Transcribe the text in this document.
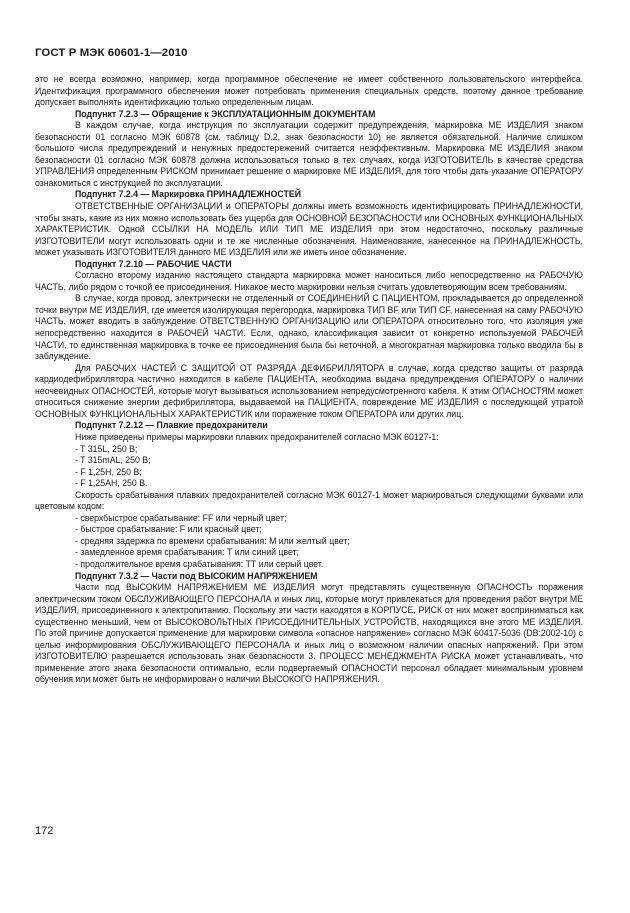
ГОСТ Р МЭК 60601-1—2010

это не всегда возможно, например, когда программное обеспечение не имеет собственного пользовательского интерфейса. Идентификация программного обеспечения может потребовать применения специальных средств, поэтому данное требование допускает выполнять идентификацию только определенным лицам.

Подпункт 7.2.3 — Обращение к ЭКСПЛУАТАЦИОННЫМ ДОКУМЕНТАМ

В каждом случае, когда инструкция по эксплуатации содержит предупреждения, маркировка МЕ ИЗДЕЛИЯ знаком безопасности 01 согласно МЭК 60878 (см. таблицу D.2, знак безопасности 10) не является обязательной. Наличие слишком большого числа предупреждений и ненужных предостережений считается неэффективным. Маркировка МЕ ИЗДЕЛИЯ знаком безопасности 01 согласно МЭК 60878 должна использоваться только в тех случаях, когда ИЗГОТОВИТЕЛЬ в качестве средства УПРАВЛЕНИЯ определенным РИСКОМ принимает решение о маркировке МЕ ИЗДЕЛИЯ, для того чтобы дать указание ОПЕРАТОРУ ознакомиться с инструкцией по эксплуатации.

Подпункт 7.2.4 — Маркировка ПРИНАДЛЕЖНОСТЕЙ

ОТВЕТСТВЕННЫЕ ОРГАНИЗАЦИИ и ОПЕРАТОРЫ должны иметь возможность идентифицировать ПРИНАДЛЕЖНОСТИ, чтобы знать, какие из них можно использовать без ущерба для ОСНОВНОЙ БЕЗОПАСНОСТИ или ОСНОВНЫХ ФУНКЦИОНАЛЬНЫХ ХАРАКТЕРИСТИК. Одной ССЫЛКИ НА МОДЕЛЬ ИЛИ ТИП МЕ ИЗДЕЛИЯ при этом недостаточно, поскольку различные ИЗГОТОВИТЕЛИ могут использовать одни и те же численные обозначения. Наименование, нанесенное на ПРИНАДЛЕЖНОСТЬ, может указывать ИЗГОТОВИТЕЛЯ данного МЕ ИЗДЕЛИЯ или же иметь иное обозначение.

Подпункт 7.2.10 — РАБОЧИЕ ЧАСТИ

Согласно второму изданию настоящего стандарта маркировка может наноситься либо непосредственно на РАБОЧУЮ ЧАСТЬ, либо рядом с точкой ее присоединения. Никакое место маркировки нельзя считать удовлетворяющим всем требованиям.

В случае, когда провод, электрически не отделенный от СОЕДИНЕНИЙ С ПАЦИЕНТОМ, прокладывается до определенной точки внутри МЕ ИЗДЕЛИЯ, где имеется изолирующая перегородка, маркировка ТИП BF или ТИП CF, нанесенная на саму РАБОЧУЮ ЧАСТЬ, может вводить в заблуждение ОТВЕТСТВЕННУЮ ОРГАНИЗАЦИЮ или ОПЕРАТОРА относительно того, что изоляция уже непосредственно находится в РАБОЧЕЙ ЧАСТИ. Если, однако, классификация зависит от конкретно используемой РАБОЧЕЙ ЧАСТИ, то единственная маркировка в точке ее присоединения была бы неточной, а многократная маркировка только вводила бы в заблуждение.

Для РАБОЧИХ ЧАСТЕЙ С ЗАЩИТОЙ ОТ РАЗРЯДА ДЕФИБРИЛЛЯТОРА в случае, когда средство защиты от разряда кардиодефибриллятора частично находится в кабеле ПАЦИЕНТА, необходима выдача предупреждения ОПЕРАТОРУ о наличии неочевидных ОПАСНОСТЕЙ, которые могут вызываться использованием непредусмотренного кабеля. К этим ОПАСНОСТЯМ может относиться снижение энергии дефибриллятора, выдаваемой на ПАЦИЕНТА, повреждение МЕ ИЗДЕЛИЯ с последующей утратой ОСНОВНЫХ ФУНКЦИОНАЛЬНЫХ ХАРАКТЕРИСТИК или поражение током ОПЕРАТОРА или других лиц.

Подпункт 7.2.12 — Плавкие предохранители

Ниже приведены примеры маркировки плавких предохранителей согласно МЭК 60127-1:

- T 315L, 250 В;

- T 315mAL, 250 В;

- F 1,25H, 250 В;

- F 1,25АН, 250 В.

Скорость срабатывания плавких предохранителей согласно МЭК 60127-1 может маркироваться следующими буквами или цветовым кодом:

- сверхбыстрое срабатывание: FF или черный цвет;

- быстрое срабатывание: F или красный цвет;

- средняя задержка по времени срабатывания: М или желтый цвет;

- замедленное время срабатывания: Т или синий цвет;

- продолжительное время срабатывания: ТТ или серый цвет.

Подпункт 7.3.2 — Части под ВЫСОКИМ НАПРЯЖЕНИЕМ

Части под ВЫСОКИМ НАПРЯЖЕНИЕМ МЕ ИЗДЕЛИЯ могут представлять существенную ОПАСНОСТЬ поражения электрическим током ОБСЛУЖИВАЮЩЕГО ПЕРСОНАЛА и иных лиц, которые могут привлекаться для проведения работ внутри МЕ ИЗДЕЛИЯ, присоединенного к электропитанию. Поскольку эти части находятся в КОРПУСЕ, РИСК от них может восприниматься как существенно меньший, чем от ВЫСОКОВОЛЬТНЫХ ПРИСОЕДИНИТЕЛЬНЫХ УСТРОЙСТВ, находящихся вне этого МЕ ИЗДЕЛИЯ. По этой причине допускается применение для маркировки символа «опасное напряжение» согласно МЭК 60417-5036 (DB:2002-10) с целью информирования ОБСЛУЖИВАЮЩЕГО ПЕРСОНАЛА и иных лиц о возможном наличии опасных напряжений. При этом ИЗГОТОВИТЕЛЮ разрешается использовать знак безопасности 3. ПРОЦЕСС МЕНЕДЖМЕНТА РИСКА может устанавливать, что применение этого знака безопасности оптимально, если подвергаемый ОПАСНОСТИ персонал обладает минимальным уровнем обучения или может быть не информирован о наличии ВЫСОКОГО НАПРЯЖЕНИЯ.

172
